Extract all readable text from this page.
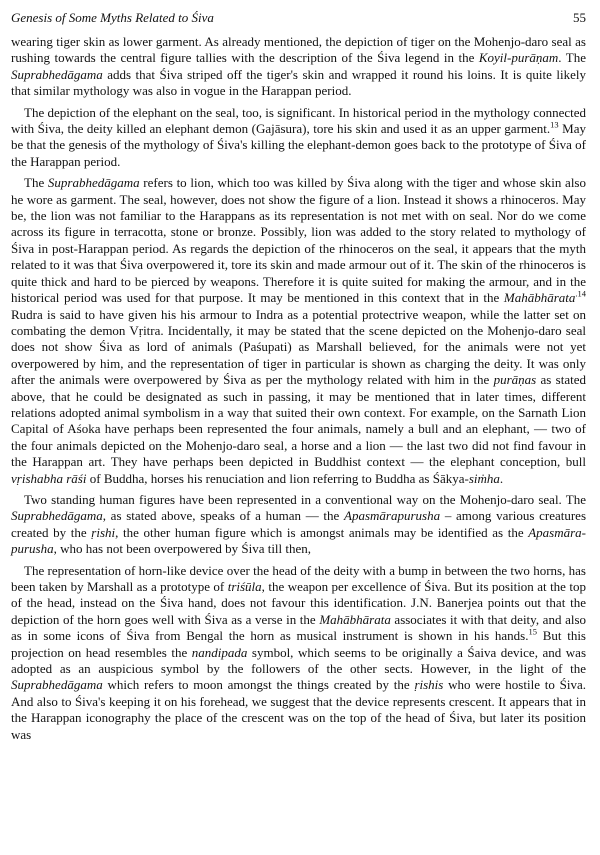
Genesis of Some Myths Related to Śiva	55

wearing tiger skin as lower garment. As already mentioned, the depiction of tiger on the Mohenjo-daro seal as rushing towards the central figure tallies with the description of the Śiva legend in the Koyil-purāṇam. The Suprabhedāgama adds that Śiva striped off the tiger's skin and wrapped it round his loins. It is quite likely that similar mythology was also in vogue in the Harappan period.

The depiction of the elephant on the seal, too, is significant. In historical period in the mythology connected with Śiva, the deity killed an elephant demon (Gajāsura), tore his skin and used it as an upper garment.$^{13}$ May be that the genesis of the mythology of Śiva's killing the elephant-demon goes back to the prototype of Śiva of the Harappan period.

The Suprabhedāgama refers to lion, which too was killed by Śiva along with the tiger and whose skin also he wore as garment. The seal, however, does not show the figure of a lion. Instead it shows a rhinoceros. May be, the lion was not familiar to the Harappans as its representation is not met with on seal. Nor do we come across its figure in terracotta, stone or bronze. Possibly, lion was added to the story related to mythology of Śiva in post-Harappan period. As regards the depiction of the rhinoceros on the seal, it appears that the myth related to it was that Śiva overpowered it, tore its skin and made armour out of it. The skin of the rhinoceros is quite thick and hard to be pierced by weapons. Therefore it is quite suited for making the armour, and in the historical period was used for that purpose. It may be mentioned in this context that in the Mahābhārata$^{.14}$ Rudra is said to have given his his armour to Indra as a potential protectrive weapon, while the latter set on combating the demon Vṛitra. Incidentally, it may be stated that the scene depicted on the Mohenjo-daro seal does not show Śiva as lord of animals (Paśupati) as Marshall believed, for the animals were not yet overpowered by him, and the representation of tiger in particular is shown as charging the deity. It was only after the animals were overpowered by Śiva as per the mythology related with him in the purāṇas as stated above, that he could be designated as such in passing, it may be mentioned that in later times, different relations adopted animal symbolism in a way that suited their own context. For example, on the Sarnath Lion Capital of Aśoka have perhaps been represented the four animals, namely a bull and an elephant, — two of the four animals depicted on the Mohenjo-daro seal, a horse and a lion — the last two did not find favour in the Harappan art. They have perhaps been depicted in Buddhist context — the elephant conception, bull vṛishabha rāśi of Buddha, horses his renuciation and lion referring to Buddha as Śākya-siṁha.

Two standing human figures have been represented in a conventional way on the Mohenjo-daro seal. The Suprabhedāgama, as stated above, speaks of a human — the Apasmārapurusha – among various creatures created by the ṛishi, the other human figure which is amongst animals may be identified as the Apasmāra-purusha, who has not been overpowered by Śiva till then,

The representation of horn-like device over the head of the deity with a bump in between the two horns, has been taken by Marshall as a prototype of triśūla, the weapon per excellence of Śiva. But its position at the top of the head, instead on the Śiva hand, does not favour this identification. J.N. Banerjea points out that the depiction of the horn goes well with Śiva as a verse in the Mahābhārata associates it with that deity, and also as in some icons of Śiva from Bengal the horn as musical instrument is shown in his hands.$^{15}$ But this projection on head resembles the nandipada symbol, which seems to be originally a Śaiva device, and was adopted as an auspicious symbol by the followers of the other sects. However, in the light of the Suprabhedāgama which refers to moon amongst the things created by the ṛishis who were hostile to Śiva. And also to Śiva's keeping it on his forehead, we suggest that the device represents crescent. It appears that in the Harappan iconography the place of the crescent was on the top of the head of Śiva, but later its position was
